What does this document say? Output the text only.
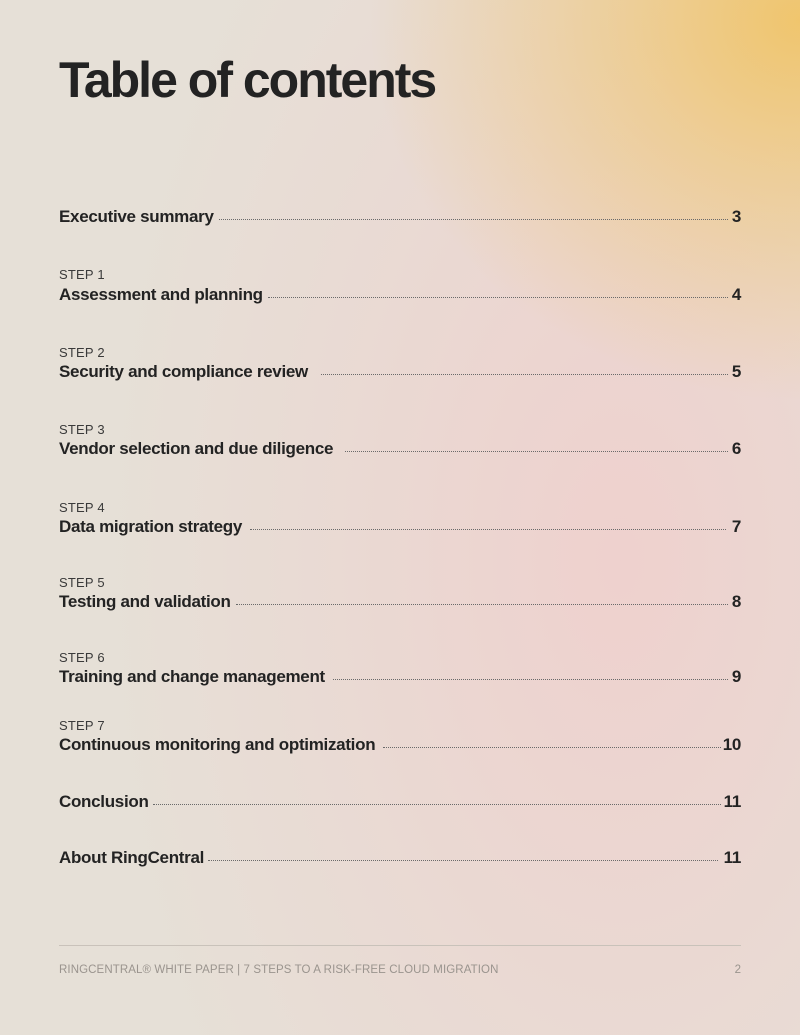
Table of contents
Executive summary	3
STEP 1
Assessment and planning	4
STEP 2
Security and compliance review	5
STEP 3
Vendor selection and due diligence	6
STEP 4
Data migration strategy	7
STEP 5
Testing and validation	8
STEP 6
Training and change management	9
STEP 7
Continuous monitoring and optimization	10
Conclusion	11
About RingCentral	11
RINGCENTRAL® WHITE PAPER | 7 STEPS TO A RISK-FREE CLOUD MIGRATION	2
